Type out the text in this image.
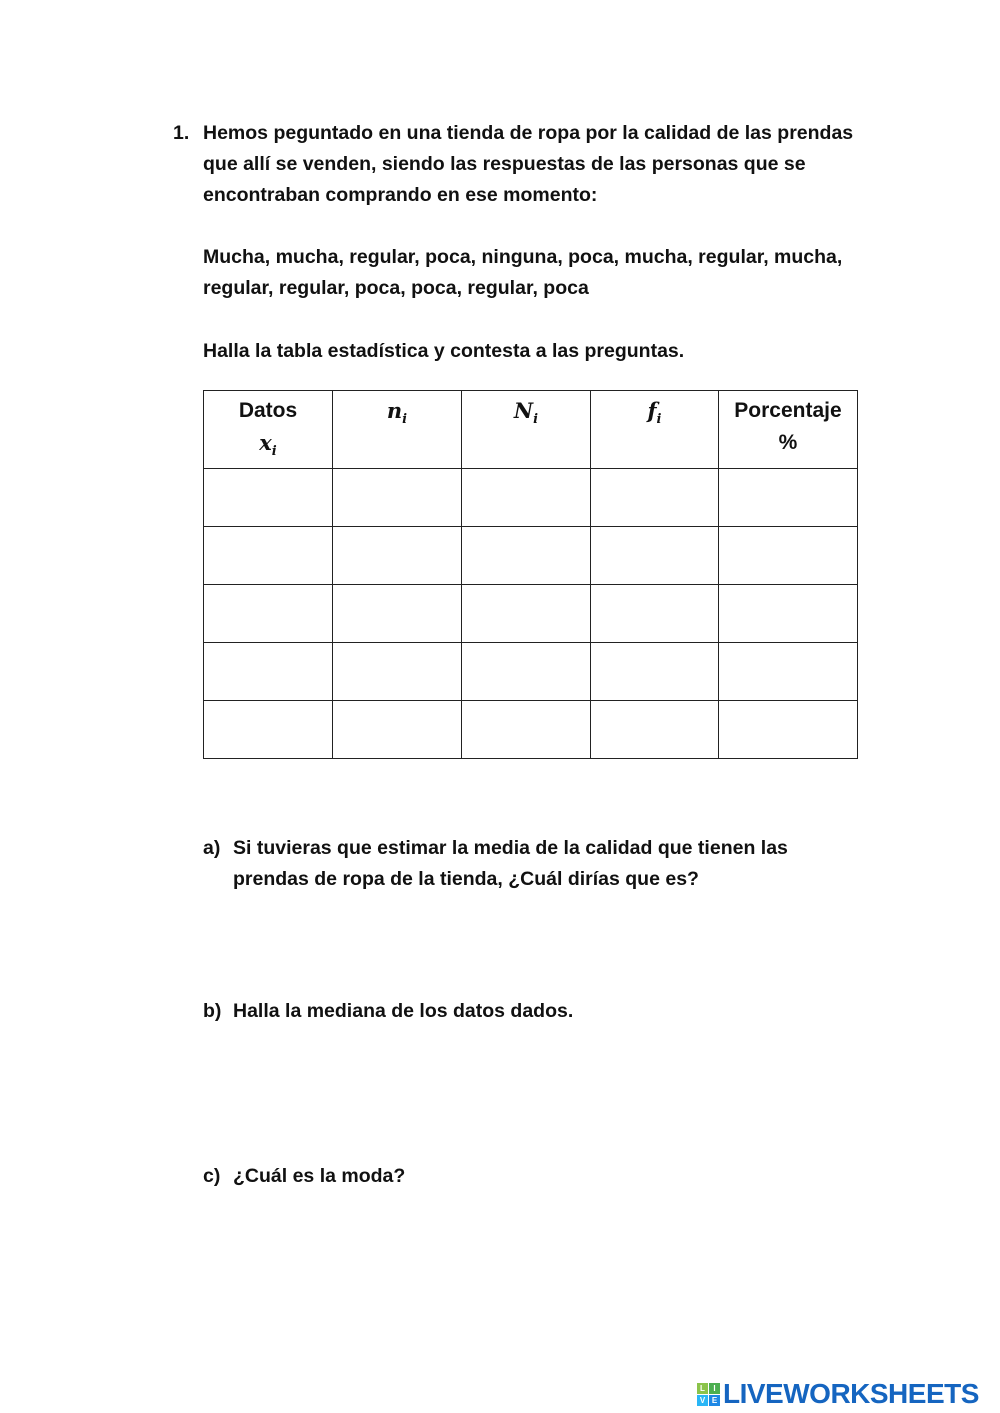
1. Hemos peguntado en una tienda de ropa por la calidad de las prendas que allí se venden, siendo las respuestas de las personas que se encontraban comprando en ese momento:
Mucha, mucha, regular, poca, ninguna, poca, mucha, regular, mucha, regular, regular, poca, poca, regular, poca
Halla la tabla estadística y contesta a las preguntas.
Datos
$x_i$	$n_i$	$N_i$	$f_i$	Porcentaje
%

a) Si tuvieras que estimar la media de la calidad que tienen las prendas de ropa de la tienda, ¿Cuál dirías que es?
b) Halla la mediana de los datos dados.
c) ¿Cuál es la moda?
L	I
V E LIVEWORKSHEETS
